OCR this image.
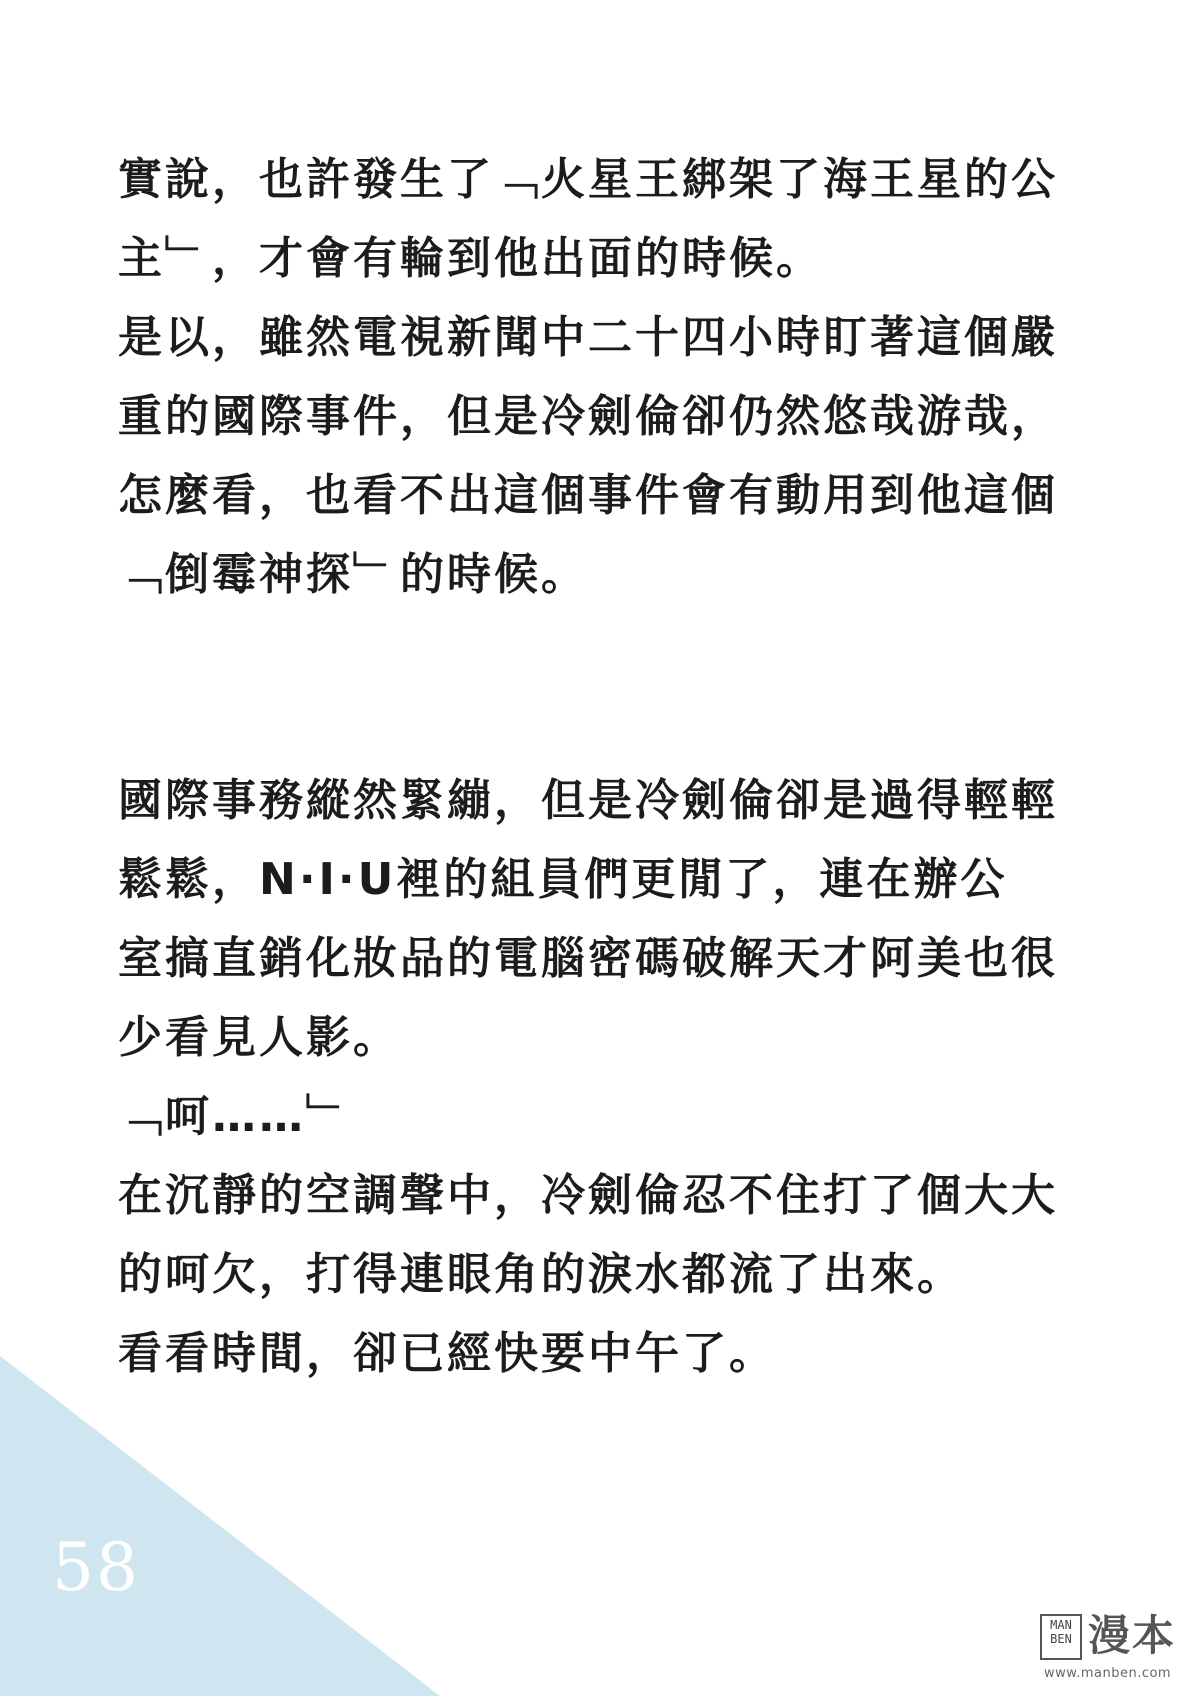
58
實說，也許發生了﹁火星王綁架了海王星的公
主﹂，才會有輪到他出面的時候。
是以，雖然電視新聞中二十四小時盯著這個嚴
重的國際事件，但是冷劍倫卻仍然悠哉游哉，
怎麼看，也看不出這個事件會有動用到他這個
﹁倒霉神探﹂的時候。
國際事務縱然緊繃，但是冷劍倫卻是過得輕輕
鬆鬆，N·I·U裡的組員們更閒了，連在辦公
室搞直銷化妝品的電腦密碼破解天才阿美也很
少看見人影。
﹁呵……﹂
在沉靜的空調聲中，冷劍倫忍不住打了個大大
的呵欠，打得連眼角的淚水都流了出來。
看看時間，卻已經快要中午了。
MAN BEN 漫本
www.manben.com
